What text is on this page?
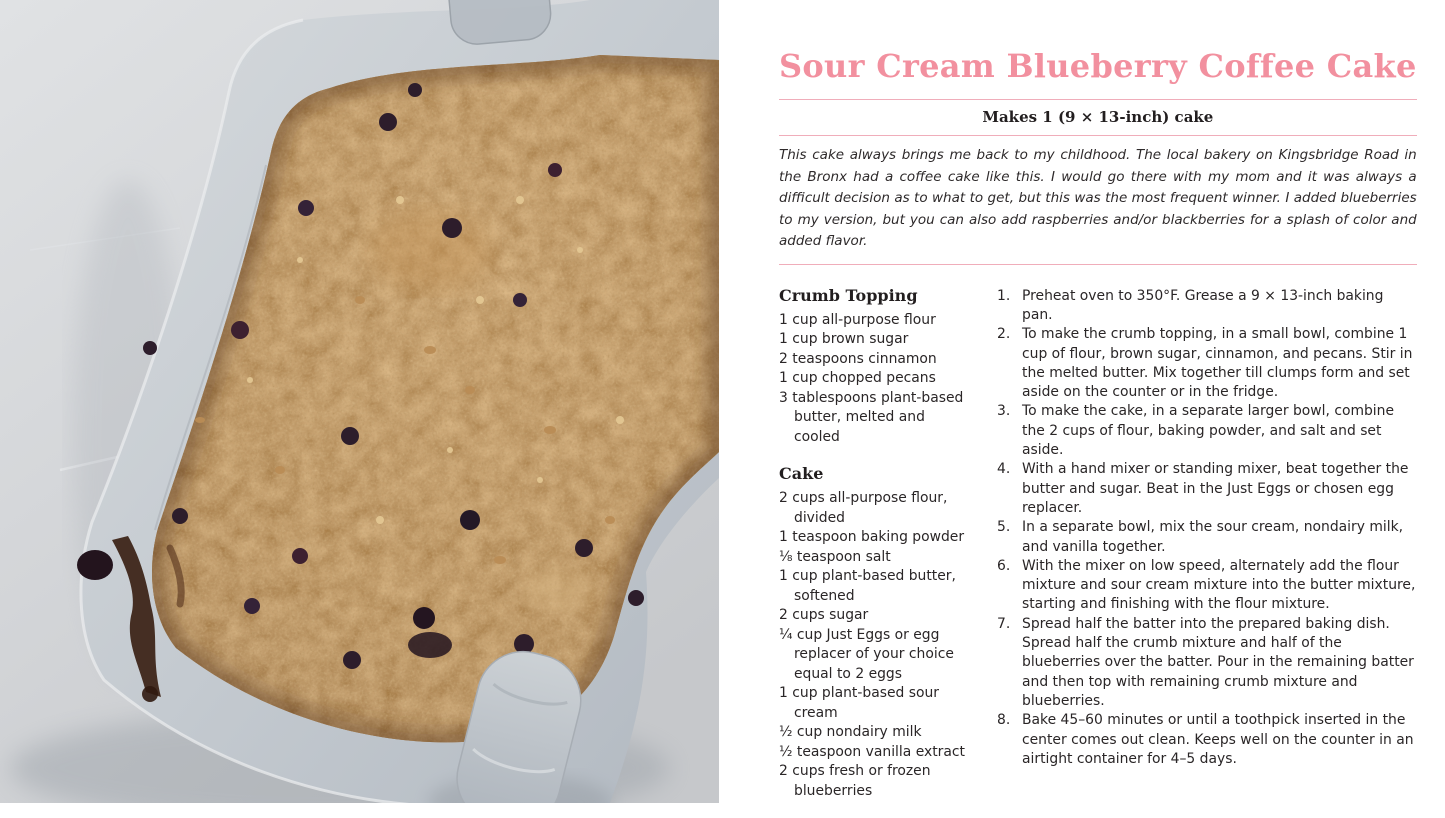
Sour Cream Blueberry Coffee Cake
Makes 1 (9 × 13-inch) cake

This cake always brings me back to my childhood. The local bakery on Kingsbridge Road in the Bronx had a coffee cake like this. I would go there with my mom and it was always a difficult decision as to what to get, but this was the most frequent winner. I added blueberries to my version, but you can also add raspberries and/or blackberries for a splash of color and added flavor.

Crumb Topping
1 cup all-purpose flour
1 cup brown sugar
2 teaspoons cinnamon
1 cup chopped pecans
3 tablespoons plant-based butter, melted and cooled
Cake
2 cups all-purpose flour, divided
1 teaspoon baking powder
⅛ teaspoon salt
1 cup plant-based butter, softened
2 cups sugar
¼ cup Just Eggs or egg replacer of your choice equal to 2 eggs
1 cup plant-based sour cream
½ cup nondairy milk
½ teaspoon vanilla extract
2 cups fresh or frozen blueberries
1. Preheat oven to 350°F. Grease a 9 × 13-inch baking pan.
2. To make the crumb topping, in a small bowl, combine 1 cup of flour, brown sugar, cinnamon, and pecans. Stir in the melted butter. Mix together till clumps form and set aside on the counter or in the fridge.
3. To make the cake, in a separate larger bowl, combine the 2 cups of flour, baking powder, and salt and set aside.
4. With a hand mixer or standing mixer, beat together the butter and sugar. Beat in the Just Eggs or chosen egg replacer.
5. In a separate bowl, mix the sour cream, nondairy milk, and vanilla together.
6. With the mixer on low speed, alternately add the flour mixture and sour cream mixture into the butter mixture, starting and finishing with the flour mixture.
7. Spread half the batter into the prepared baking dish. Spread half the crumb mixture and half of the blueberries over the batter. Pour in the remaining batter and then top with remaining crumb mixture and blueberries.
8. Bake 45–60 minutes or until a toothpick inserted in the center comes out clean. Keeps well on the counter in an airtight container for 4–5 days.
